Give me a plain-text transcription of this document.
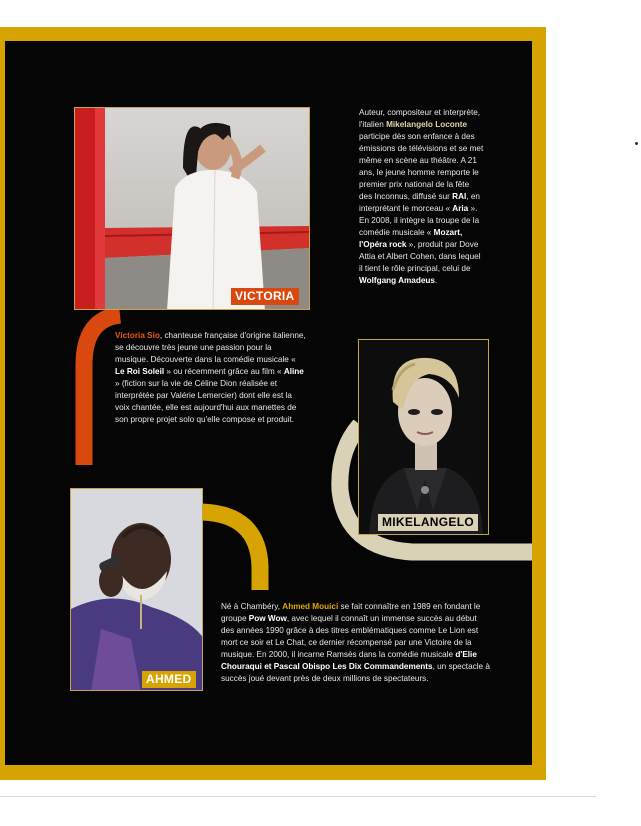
VICTORIA
Victoria Sio, chanteuse française d'origine italienne, se découvre très jeune une passion pour la musique. Découverte dans la comédie musicale « Le Roi Soleil » ou récemment grâce au film « Aline » (fiction sur la vie de Céline Dion réalisée et interprétée par Valérie Lemercier) dont elle est la voix chantée, elle est aujourd'hui aux manettes de son propre projet solo qu'elle compose et produit.
Auteur, compositeur et interprète, l'italien Mikelangelo Loconte participe dès son enfance à des émissions de télévisions et se met même en scène au théâtre. A 21 ans, le jeune homme remporte le premier prix national de la fête des Inconnus, diffusé sur RAI, en interprétant le morceau « Aria ». En 2008, il intègre la troupe de la comédie musicale « Mozart, l'Opéra rock », produit par Dove Attia et Albert Cohen, dans lequel il tient le rôle principal, celui de Wolfgang Amadeus.
MIKELANGELO
AHMED
Né à Chambéry, Ahmed Mouici se fait connaître en 1989 en fondant le groupe Pow Wow, avec lequel il connaît un immense succès au début des années 1990 grâce à des titres emblématiques comme Le Lion est mort ce soir et Le Chat, ce dernier récompensé par une Victoire de la musique. En 2000, il incarne Ramsès dans la comédie musicale d'Elie Chouraqui et Pascal Obispo Les Dix Commandements, un spectacle à succès joué devant près de deux millions de spectateurs.
